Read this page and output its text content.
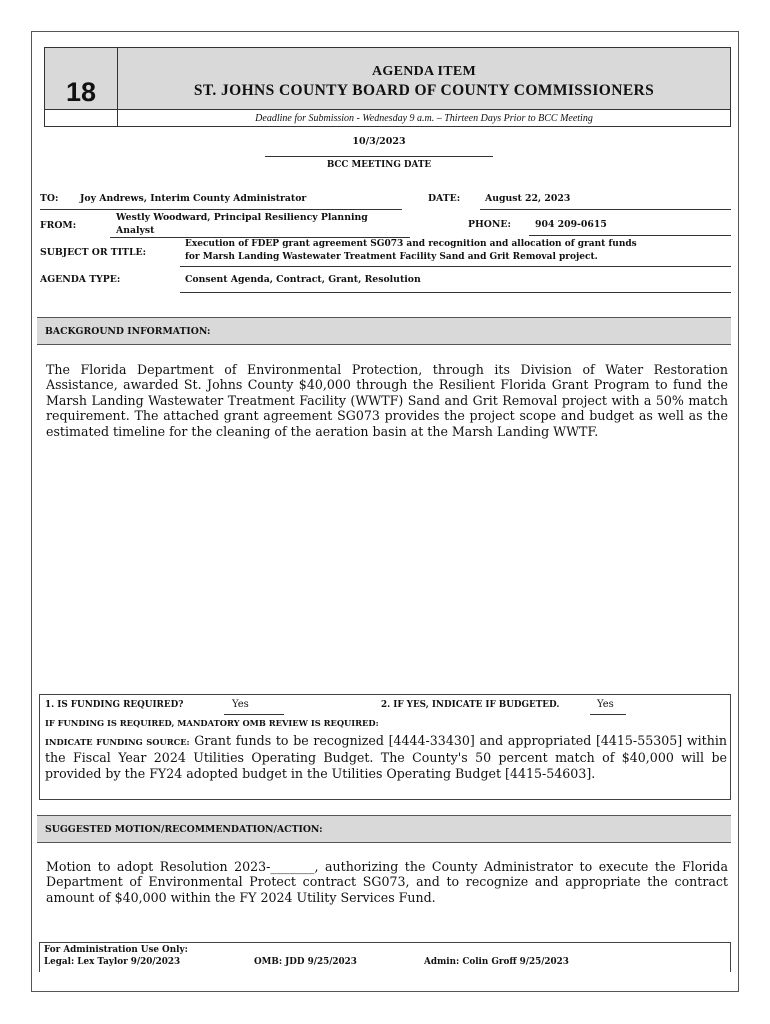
18
AGENDA ITEM
ST. JOHNS COUNTY BOARD OF COUNTY COMMISSIONERS
Deadline for Submission - Wednesday 9 a.m. – Thirteen Days Prior to BCC Meeting
10/3/2023
BCC MEETING DATE
TO: Joy Andrews, Interim County Administrator	DATE:	August 22, 2023
FROM:
Westly Woodward, Principal Resiliency Planning
Analyst
PHONE:	904 209-0615
SUBJECT OR TITLE:
Execution of FDEP grant agreement SG073 and recognition and allocation of grant funds
for Marsh Landing Wastewater Treatment Facility Sand and Grit Removal project.
AGENDA TYPE:	Consent Agenda, Contract, Grant, Resolution
BACKGROUND INFORMATION:
The Florida Department of Environmental Protection, through its Division of Water Restoration Assistance, awarded St. Johns County $40,000 through the Resilient Florida Grant Program to fund the Marsh Landing Wastewater Treatment Facility (WWTF) Sand and Grit Removal project with a 50% match requirement. The attached grant agreement SG073 provides the project scope and budget as well as the estimated timeline for the cleaning of the aeration basin at the Marsh Landing WWTF.
1. IS FUNDING REQUIRED?	Yes	2. IF YES, INDICATE IF BUDGETED.	Yes
IF FUNDING IS REQUIRED, MANDATORY OMB REVIEW IS REQUIRED:
INDICATE FUNDING SOURCE: Grant funds to be recognized [4444-33430] and appropriated [4415-55305] within the Fiscal Year 2024 Utilities Operating Budget. The County's 50 percent match of $40,000 will be provided by the FY24 adopted budget in the Utilities Operating Budget [4415-54603].
SUGGESTED MOTION/RECOMMENDATION/ACTION:
Motion to adopt Resolution 2023-_______, authorizing the County Administrator to execute the Florida Department of Environmental Protect contract SG073, and to recognize and appropriate the contract amount of $40,000 within the FY 2024 Utility Services Fund.
For Administration Use Only:
Legal: Lex Taylor 9/20/2023	OMB: JDD 9/25/2023	Admin: Colin Groff 9/25/2023
